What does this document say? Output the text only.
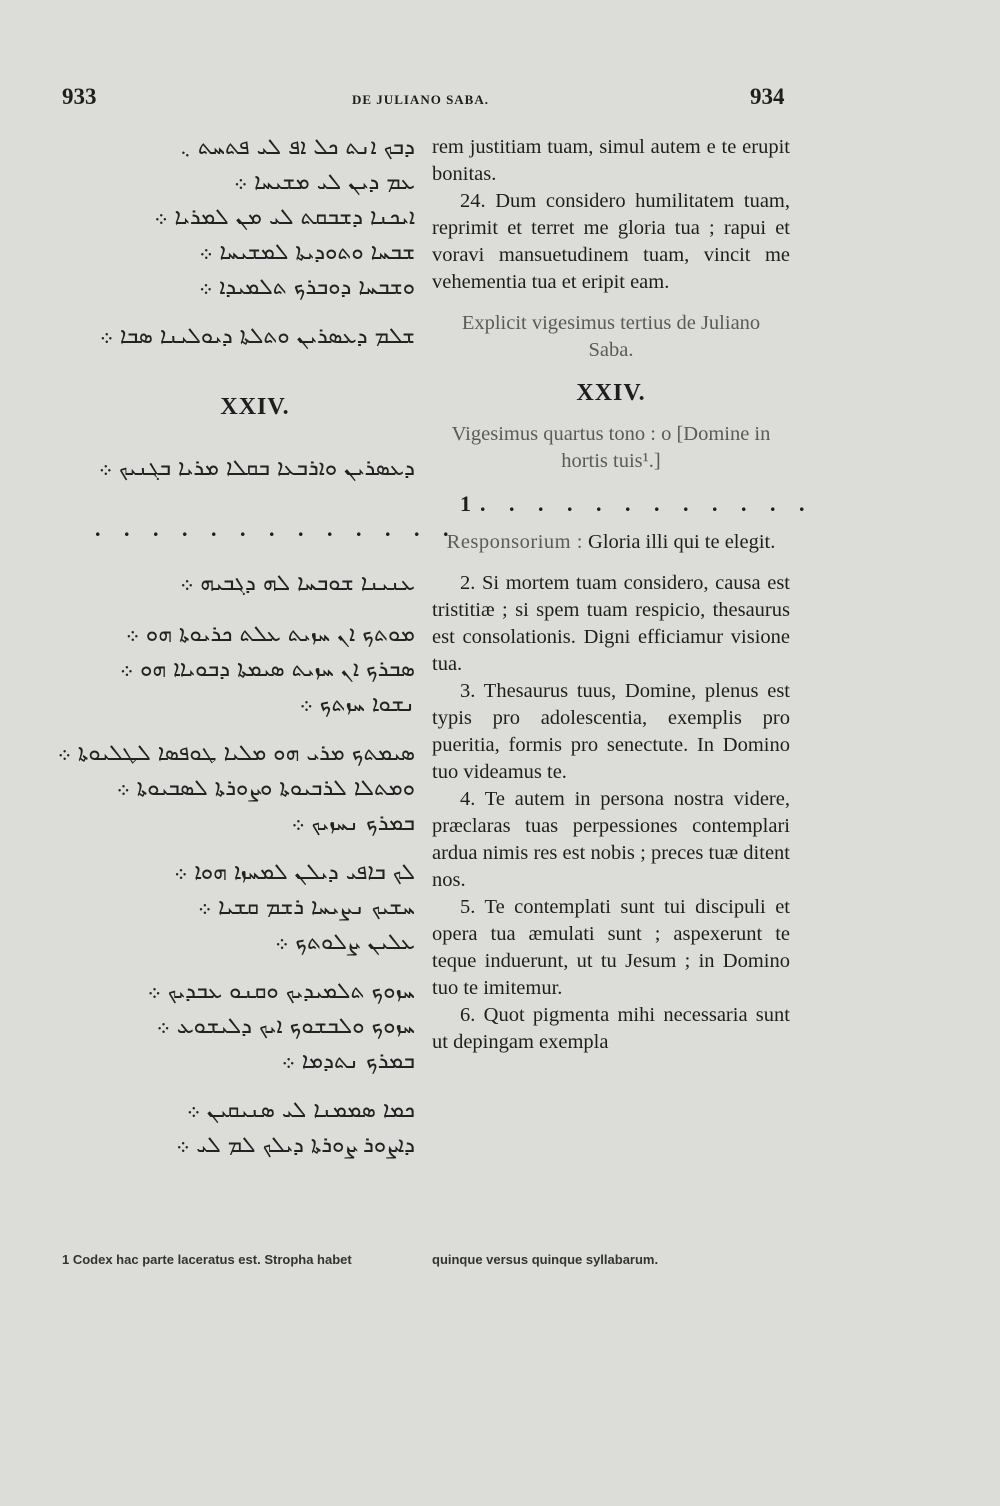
933	DE JULIANO SABA.	934
ܕܒܟ ܐܢܬ ܟܠ ܐܦ ܠܝ ܦܬܚܬ ܆
ܥܡ ܕܝܢ ܠܝ ܡܫܝܚܐ ܀
ܐܝܟܢܐ ܕܫܒܩܬ ܠܝ ܡܢ ܠܡܪܝܐ ܀
ܫܒܚܐ ܘܬܘܕܝܬܐ ܠܡܫܝܚܐ ܀
ܘܫܒܚܐ ܕܘܒܪܟ ܬܠܡܝܕܐ ܀
ܫܠܡ ܕܥܣܪܝܢ ܘܬܠܬܐ ܕܝܘܠܝܢܐ ܣܒܐ ܀
XXIV.
ܕܥܣܪܝܢ ܘܐܪܒܥܐ ܒܩܠܐ ܡܪܝܐ ܒܓܢܝܟ ܀
. . . . . . . . . . . . .
ܥܢܝܢܐ ܫܘܒܚܐ ܠܗ ܕܓܒܝܗ ܀
ܡܘܬܟ ܐܢ ܚܙܝܬ ܥܠܬ ܟܪܝܘܬܐ ܗܘ ܀
ܣܒܪܟ ܐܢ ܚܙܝܬ ܣܝܡܬܐ ܕܒܘܝܐܐ ܗܘ ܀
ܢܫܘܐ ܚܙܬܟ ܀
ܣܝܡܬܟ ܡܪܝ ܗܘ ܡܠܝܐ ܛܘܦܣܐ ܠܛܠܝܘܬܐ ܀
ܘܡܬܠܐ ܠܪܒܝܘܬܐ ܘܨܘܪܬܐ ܠܣܒܝܘܬܐ ܀
ܒܡܪܟ ܢܚܙܝܟ ܀
ܠܟ ܒܐܦܝ ܕܝܠܢ ܠܡܚܙܐ ܗܘܐ ܀
ܚܫܝܟ ܢܨܝܚܐ ܪܫܡ ܩܫܝܐ ܀
ܥܠܝܢ ܨܠܘܬܟ ܀
ܚܙܘܟ ܬܠܡܝܕܝܟ ܘܩܢܘ ܥܒܕܝܟ ܀
ܚܙܘܟ ܘܠܒܫܘܟ ܐܝܟ ܕܠܝܫܘܥ ܀
ܒܡܪܟ ܢܬܕܡܐ ܀
ܟܡܐ ܣܡܡܢܐ ܠܝ ܣܢܝܩܝܢ ܀
ܕܐܨܘܪ ܨܘܪܬܐ ܕܝܠܟ ܠܡ ܠܝ ܀
1 Codex hac parte laceratus est. Stropha habet

rem justitiam tuam, simul autem e te erupit bonitas.

24. Dum considero humilitatem tuam, reprimit et terret me gloria tua ; rapui et voravi mansuetudinem tuam, vincit me vehementia tua et eripit eam.

Explicit vigesimus tertius de Juliano Saba.

XXIV.

Vigesimus quartus tono : o [Domine in hortis tuis¹.]

1. . . . . . . . . . . .

Responsorium : Gloria illi qui te elegit.

2. Si mortem tuam considero, causa est tristitiæ ; si spem tuam respicio, thesaurus est consolationis. Digni efficiamur visione tua.

3. Thesaurus tuus, Domine, plenus est typis pro adolescentia, exemplis pro pueritia, formis pro senectute. In Domino tuo videamus te.

4. Te autem in persona nostra videre, præclaras tuas perpessiones contemplari ardua nimis res est nobis ; preces tuæ ditent nos.

5. Te contemplati sunt tui discipuli et opera tua æmulati sunt ; aspexerunt te teque induerunt, ut tu Jesum ; in Domino tuo te imitemur.

6. Quot pigmenta mihi necessaria sunt ut depingam exempla

quinque versus quinque syllabarum.
